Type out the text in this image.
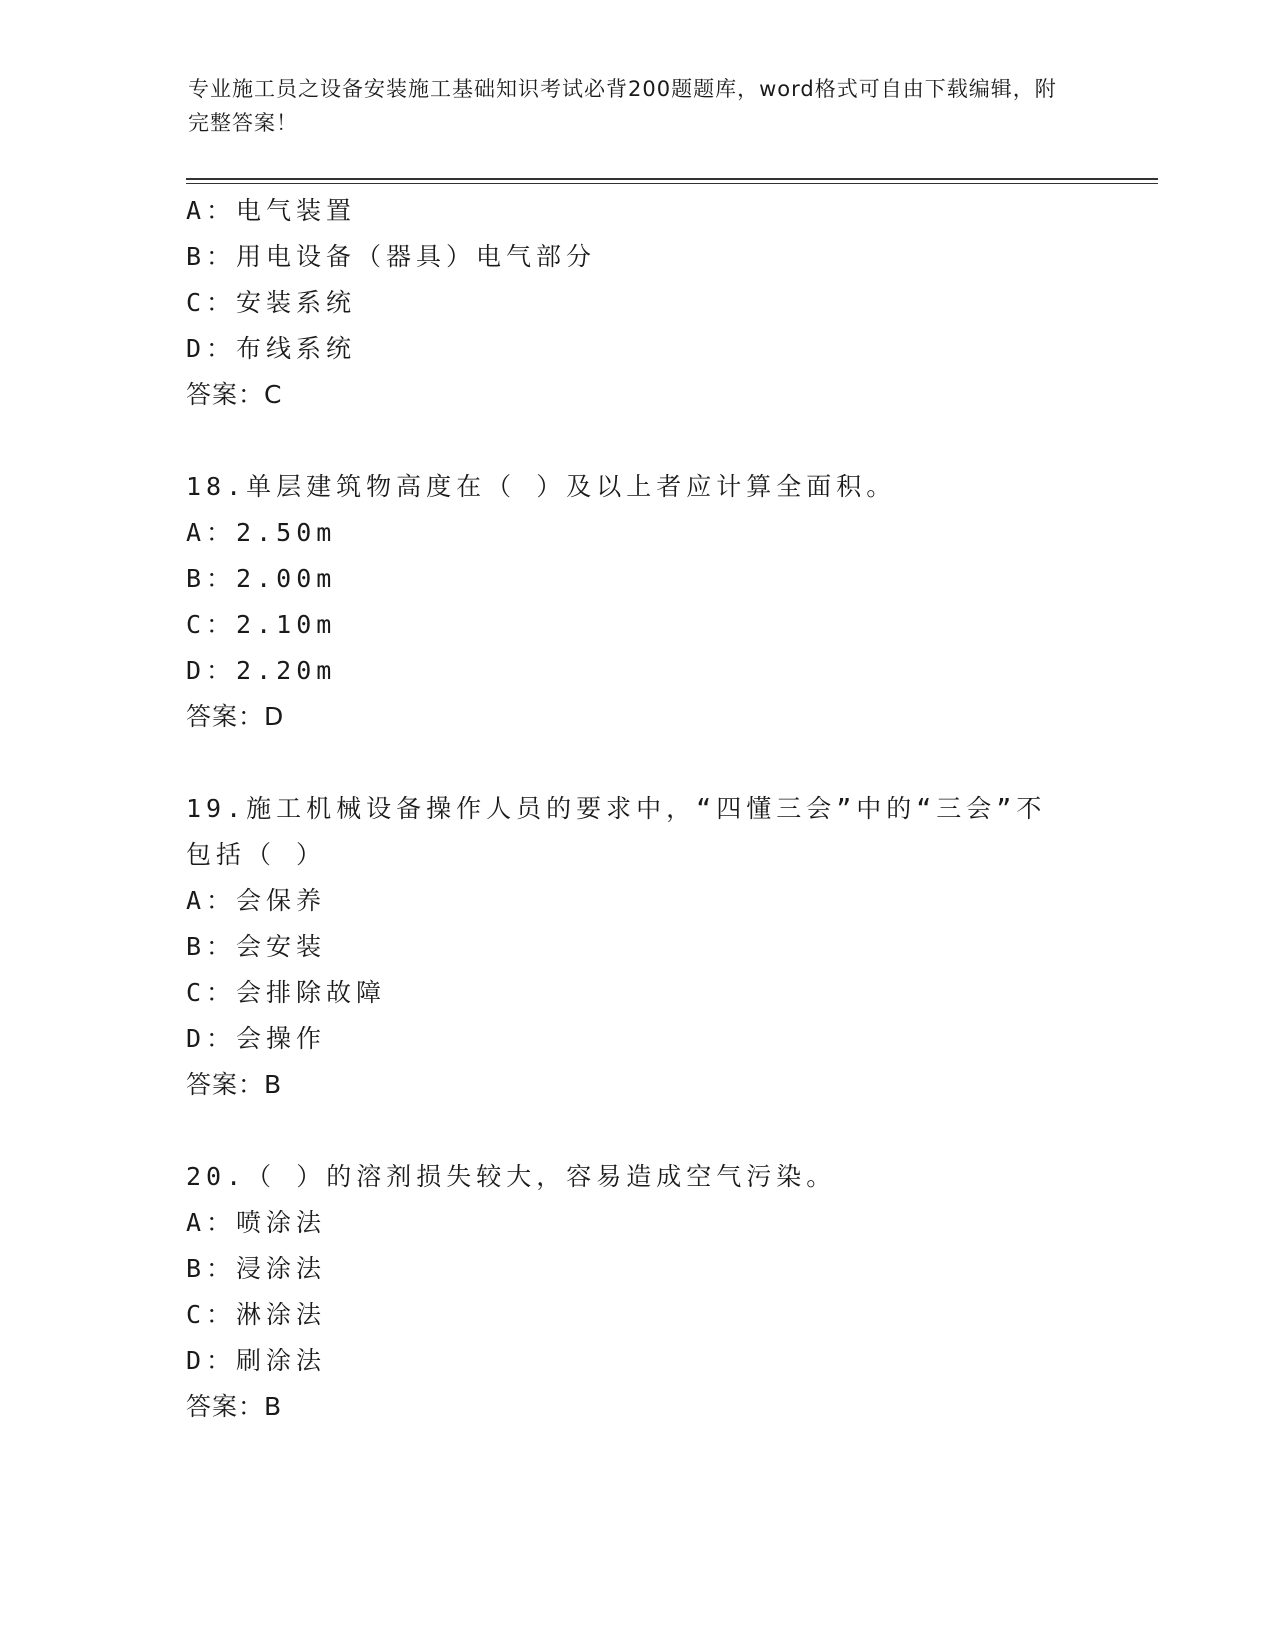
专业施工员之设备安装施工基础知识考试必背200题题库，word格式可自由下载编辑，附完整答案！
A：电气装置
B：用电设备（器具）电气部分
C：安装系统
D：布线系统
答案：C
18.单层建筑物高度在（ ）及以上者应计算全面积。
A：2.50m
B：2.00m
C：2.10m
D：2.20m
答案：D
19.施工机械设备操作人员的要求中，“四懂三会”中的“三会”不包括（ ）
A：会保养
B：会安装
C：会排除故障
D：会操作
答案：B
20.（ ）的溶剂损失较大，容易造成空气污染。
A：喷涂法
B：浸涂法
C：淋涂法
D：刷涂法
答案：B
